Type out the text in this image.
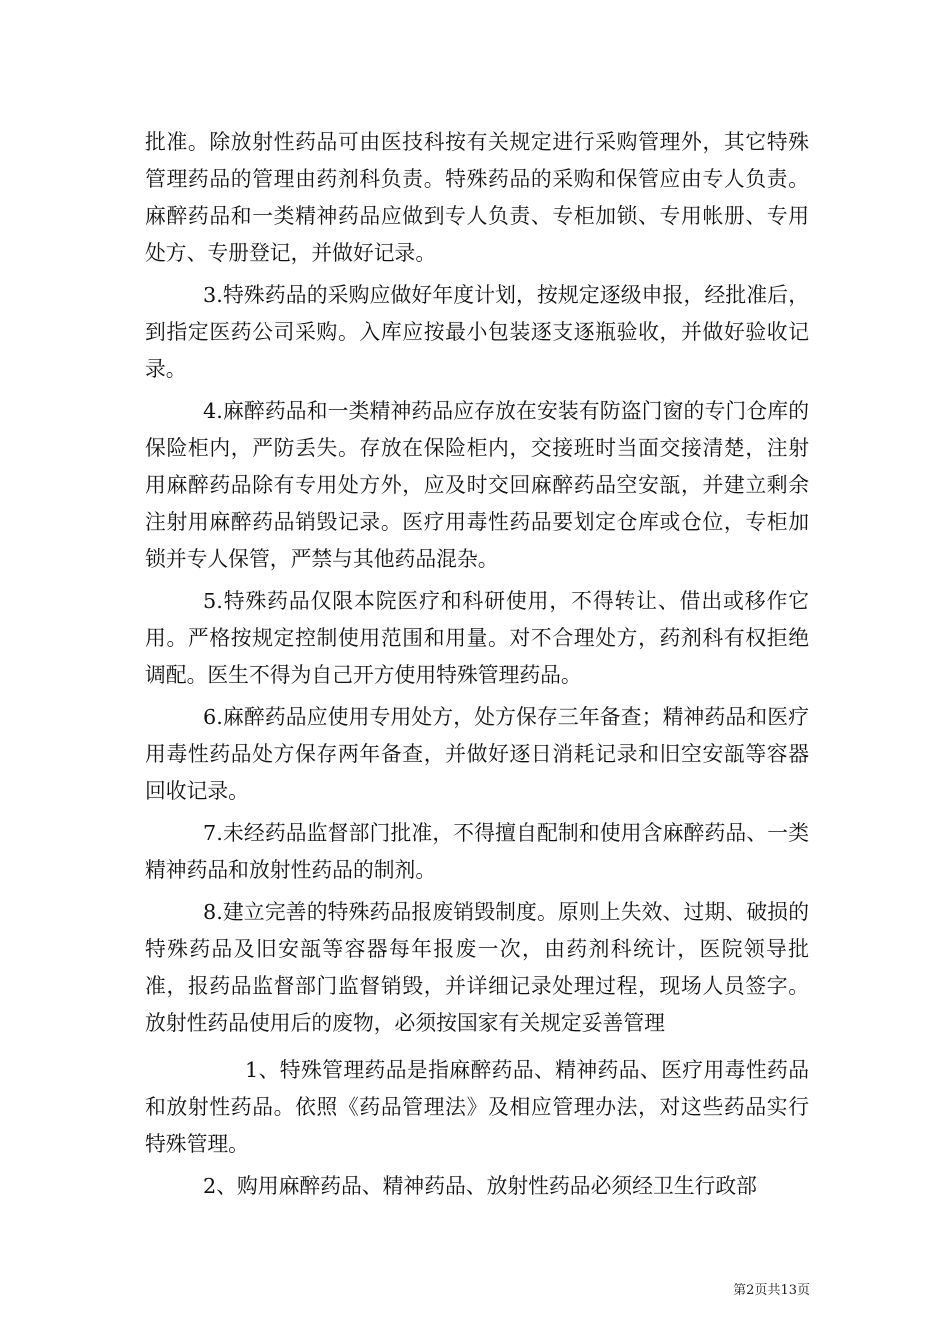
批准。除放射性药品可由医技科按有关规定进行采购管理外，其它特殊管理药品的管理由药剂科负责。特殊药品的采购和保管应由专人负责。麻醉药品和一类精神药品应做到专人负责、专柜加锁、专用帐册、专用处方、专册登记，并做好记录。

3.特殊药品的采购应做好年度计划，按规定逐级申报，经批准后，到指定医药公司采购。入库应按最小包装逐支逐瓶验收，并做好验收记录。

4.麻醉药品和一类精神药品应存放在安装有防盗门窗的专门仓库的保险柜内，严防丢失。存放在保险柜内，交接班时当面交接清楚，注射用麻醉药品除有专用处方外，应及时交回麻醉药品空安瓿，并建立剩余注射用麻醉药品销毁记录。医疗用毒性药品要划定仓库或仓位，专柜加锁并专人保管，严禁与其他药品混杂。

5.特殊药品仅限本院医疗和科研使用，不得转让、借出或移作它用。严格按规定控制使用范围和用量。对不合理处方，药剂科有权拒绝调配。医生不得为自己开方使用特殊管理药品。

6.麻醉药品应使用专用处方，处方保存三年备查；精神药品和医疗用毒性药品处方保存两年备查，并做好逐日消耗记录和旧空安瓿等容器回收记录。

7.未经药品监督部门批准，不得擅自配制和使用含麻醉药品、一类精神药品和放射性药品的制剂。

8.建立完善的特殊药品报废销毁制度。原则上失效、过期、破损的特殊药品及旧安瓿等容器每年报废一次，由药剂科统计，医院领导批准，报药品监督部门监督销毁，并详细记录处理过程，现场人员签字。放射性药品使用后的废物，必须按国家有关规定妥善管理

1、特殊管理药品是指麻醉药品、精神药品、医疗用毒性药品和放射性药品。依照《药品管理法》及相应管理办法，对这些药品实行特殊管理。

2、购用麻醉药品、精神药品、放射性药品必须经卫生行政部

第2页共13页
